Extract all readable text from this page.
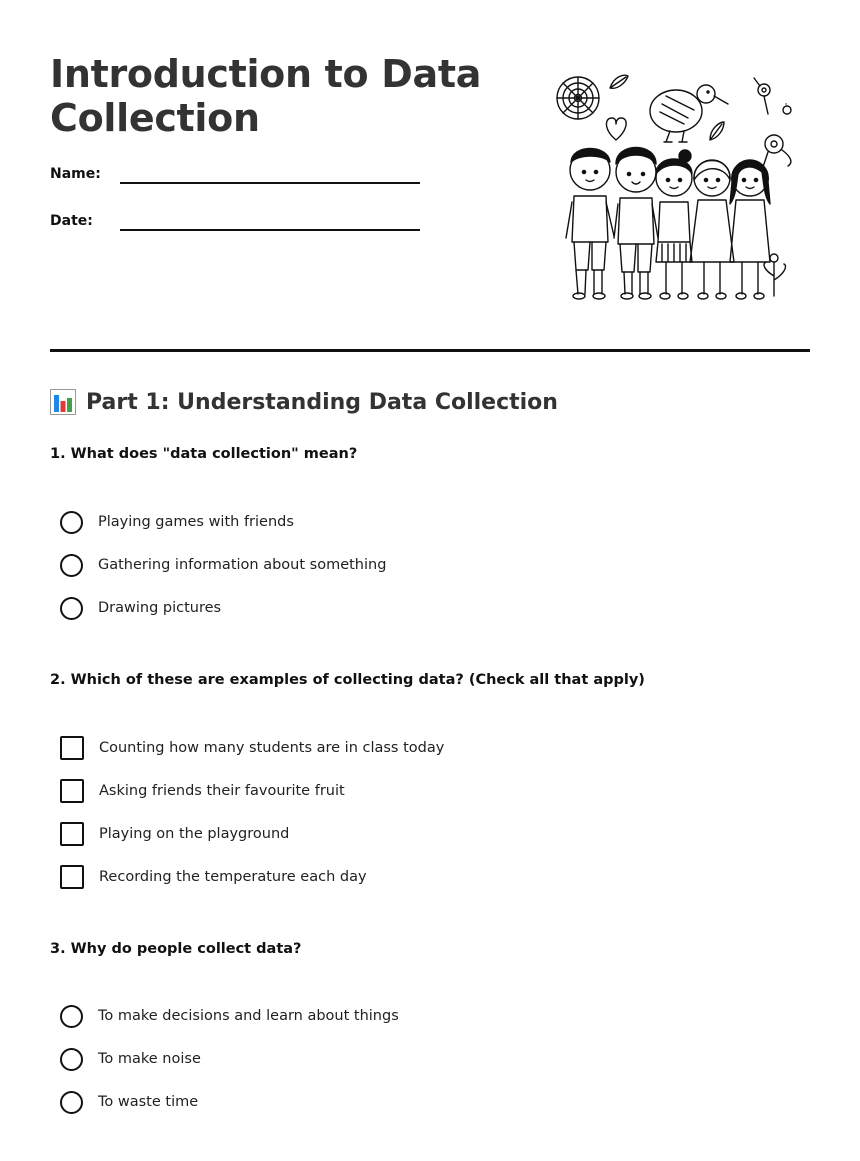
Introduction to Data Collection
Name:
Date:
Part 1: Understanding Data Collection

1. What does "data collection" mean?

Playing games with friends
Gathering information about something
Drawing pictures

2. Which of these are examples of collecting data? (Check all that apply)

Counting how many students are in class today
Asking friends their favourite fruit
Playing on the playground
Recording the temperature each day

3. Why do people collect data?

To make decisions and learn about things
To make noise
To waste time
